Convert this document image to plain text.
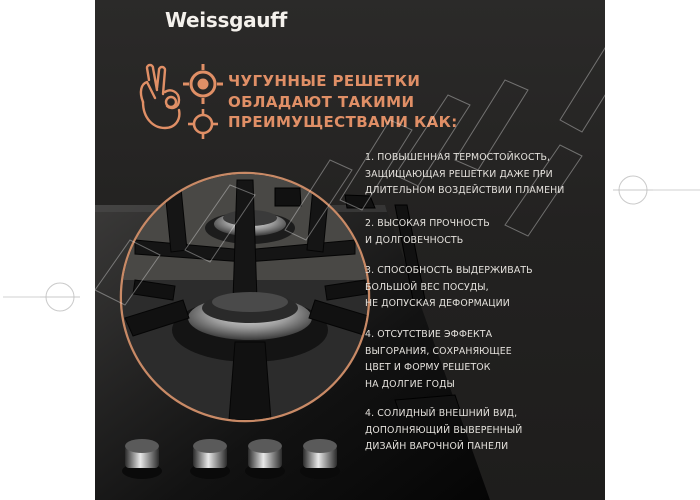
Weissgauff
ЧУГУННЫЕ РЕШЕТКИ
ОБЛАДАЮТ ТАКИМИ
ПРЕИМУЩЕСТВАМИ КАК:
1. ПОВЫШЕННАЯ ТЕРМОСТОЙКОСТЬ,
ЗАЩИЩАЮЩАЯ РЕШЕТКИ ДАЖЕ ПРИ
ДЛИТЕЛЬНОМ ВОЗДЕЙСТВИИ ПЛАМЕНИ
2. ВЫСОКАЯ ПРОЧНОСТЬ
И ДОЛГОВЕЧНОСТЬ
3. СПОСОБНОСТЬ ВЫДЕРЖИВАТЬ
БОЛЬШОЙ ВЕС ПОСУДЫ,
НЕ ДОПУСКАЯ ДЕФОРМАЦИИ
4. ОТСУТСТВИЕ ЭФФЕКТА
ВЫГОРАНИЯ, СОХРАНЯЮЩЕЕ
ЦВЕТ И ФОРМУ РЕШЕТОК
НА ДОЛГИЕ ГОДЫ
4. СОЛИДНЫЙ ВНЕШНИЙ ВИД,
ДОПОЛНЯЮЩИЙ ВЫВЕРЕННЫЙ
ДИЗАЙН ВАРОЧНОЙ ПАНЕЛИ
